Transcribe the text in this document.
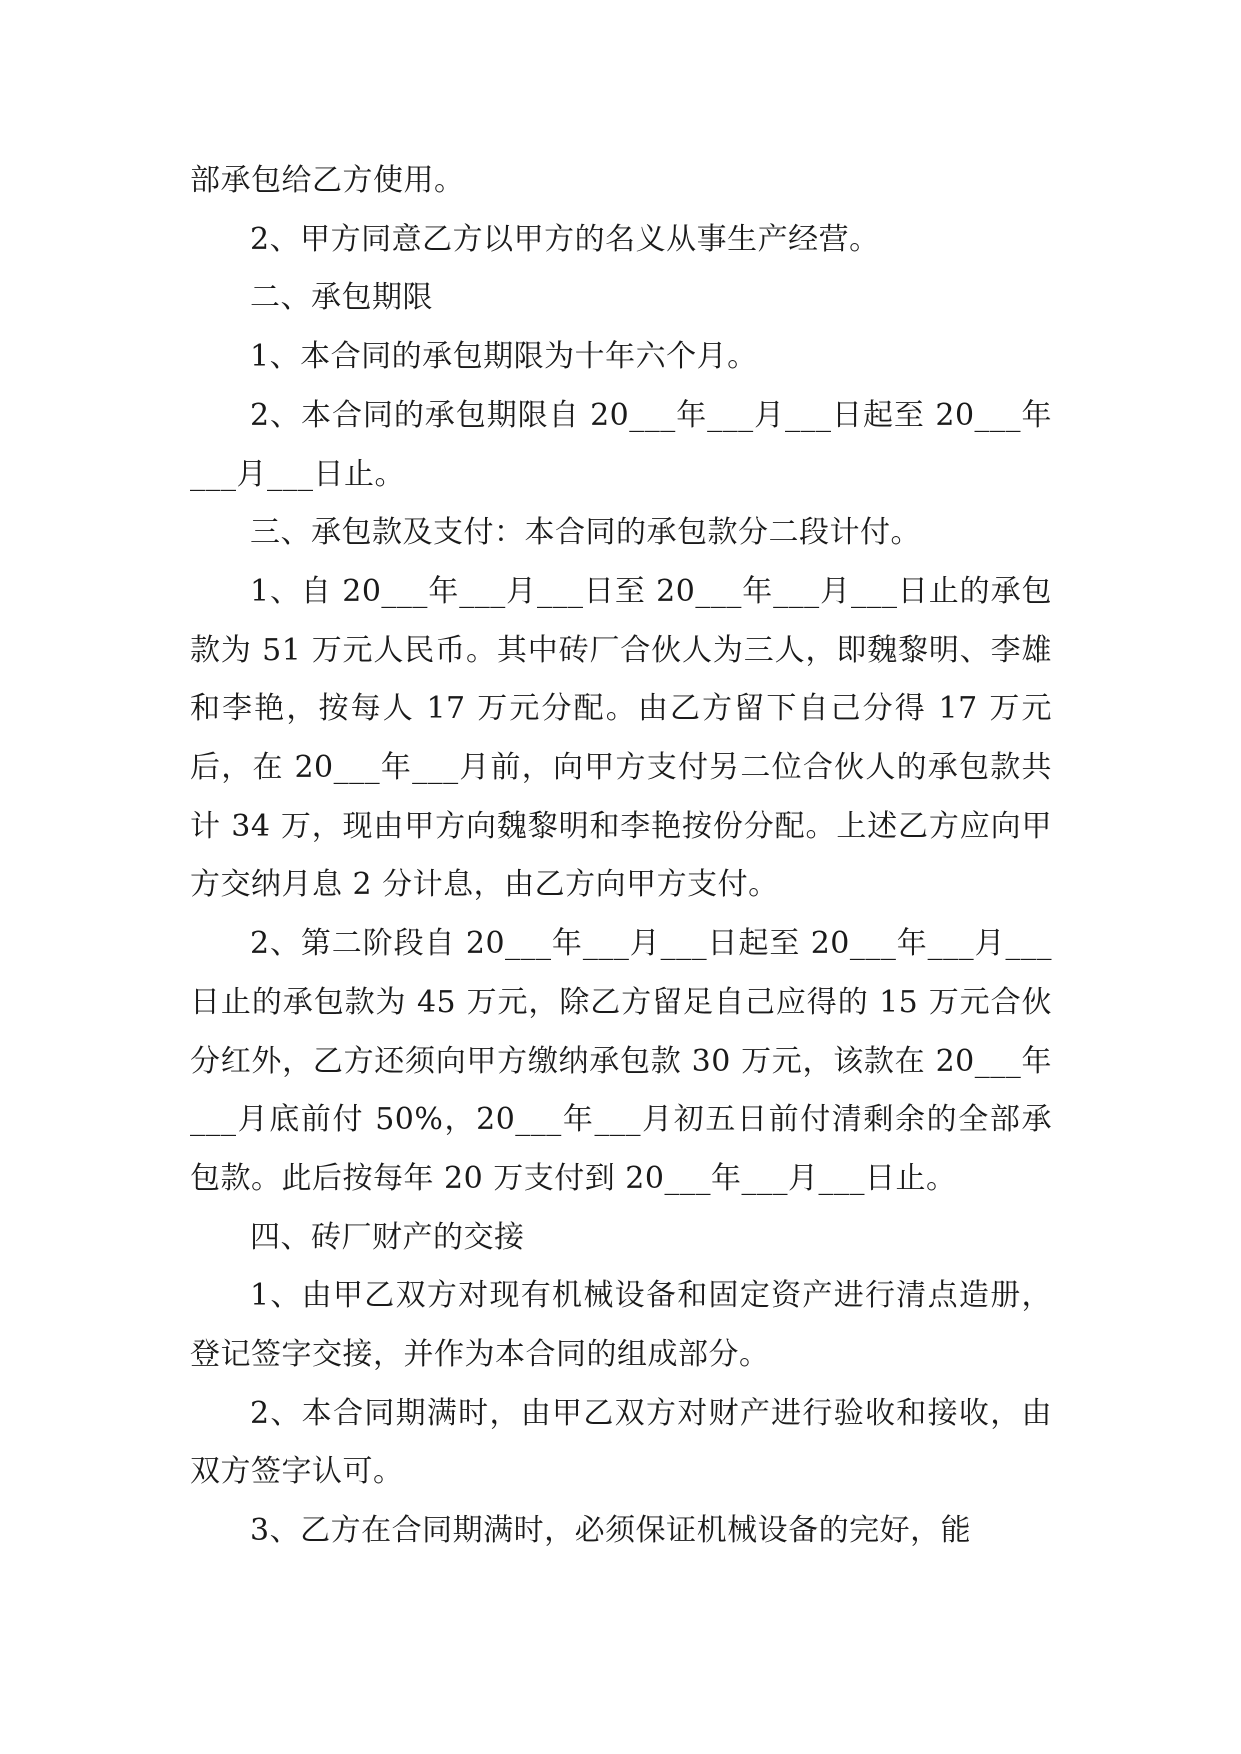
部承包给乙方使用。

2、甲方同意乙方以甲方的名义从事生产经营。

二、承包期限

1、本合同的承包期限为十年六个月。

2、本合同的承包期限自 20___年___月___日起至 20___年___月___日止。

三、承包款及支付：本合同的承包款分二段计付。

1、自 20___年___月___日至 20___年___月___日止的承包款为 51 万元人民币。其中砖厂合伙人为三人，即魏黎明、李雄和李艳，按每人 17 万元分配。由乙方留下自己分得 17 万元后，在 20___年___月前，向甲方支付另二位合伙人的承包款共计 34 万，现由甲方向魏黎明和李艳按份分配。上述乙方应向甲方交纳月息 2 分计息，由乙方向甲方支付。

2、第二阶段自 20___年___月___日起至 20___年___月___日止的承包款为 45 万元，除乙方留足自己应得的 15 万元合伙分红外，乙方还须向甲方缴纳承包款 30 万元，该款在 20___年___月底前付 50%，20___年___月初五日前付清剩余的全部承包款。此后按每年 20 万支付到 20___年___月___日止。

四、砖厂财产的交接

1、由甲乙双方对现有机械设备和固定资产进行清点造册，登记签字交接，并作为本合同的组成部分。

2、本合同期满时，由甲乙双方对财产进行验收和接收，由双方签字认可。

3、乙方在合同期满时，必须保证机械设备的完好，能
